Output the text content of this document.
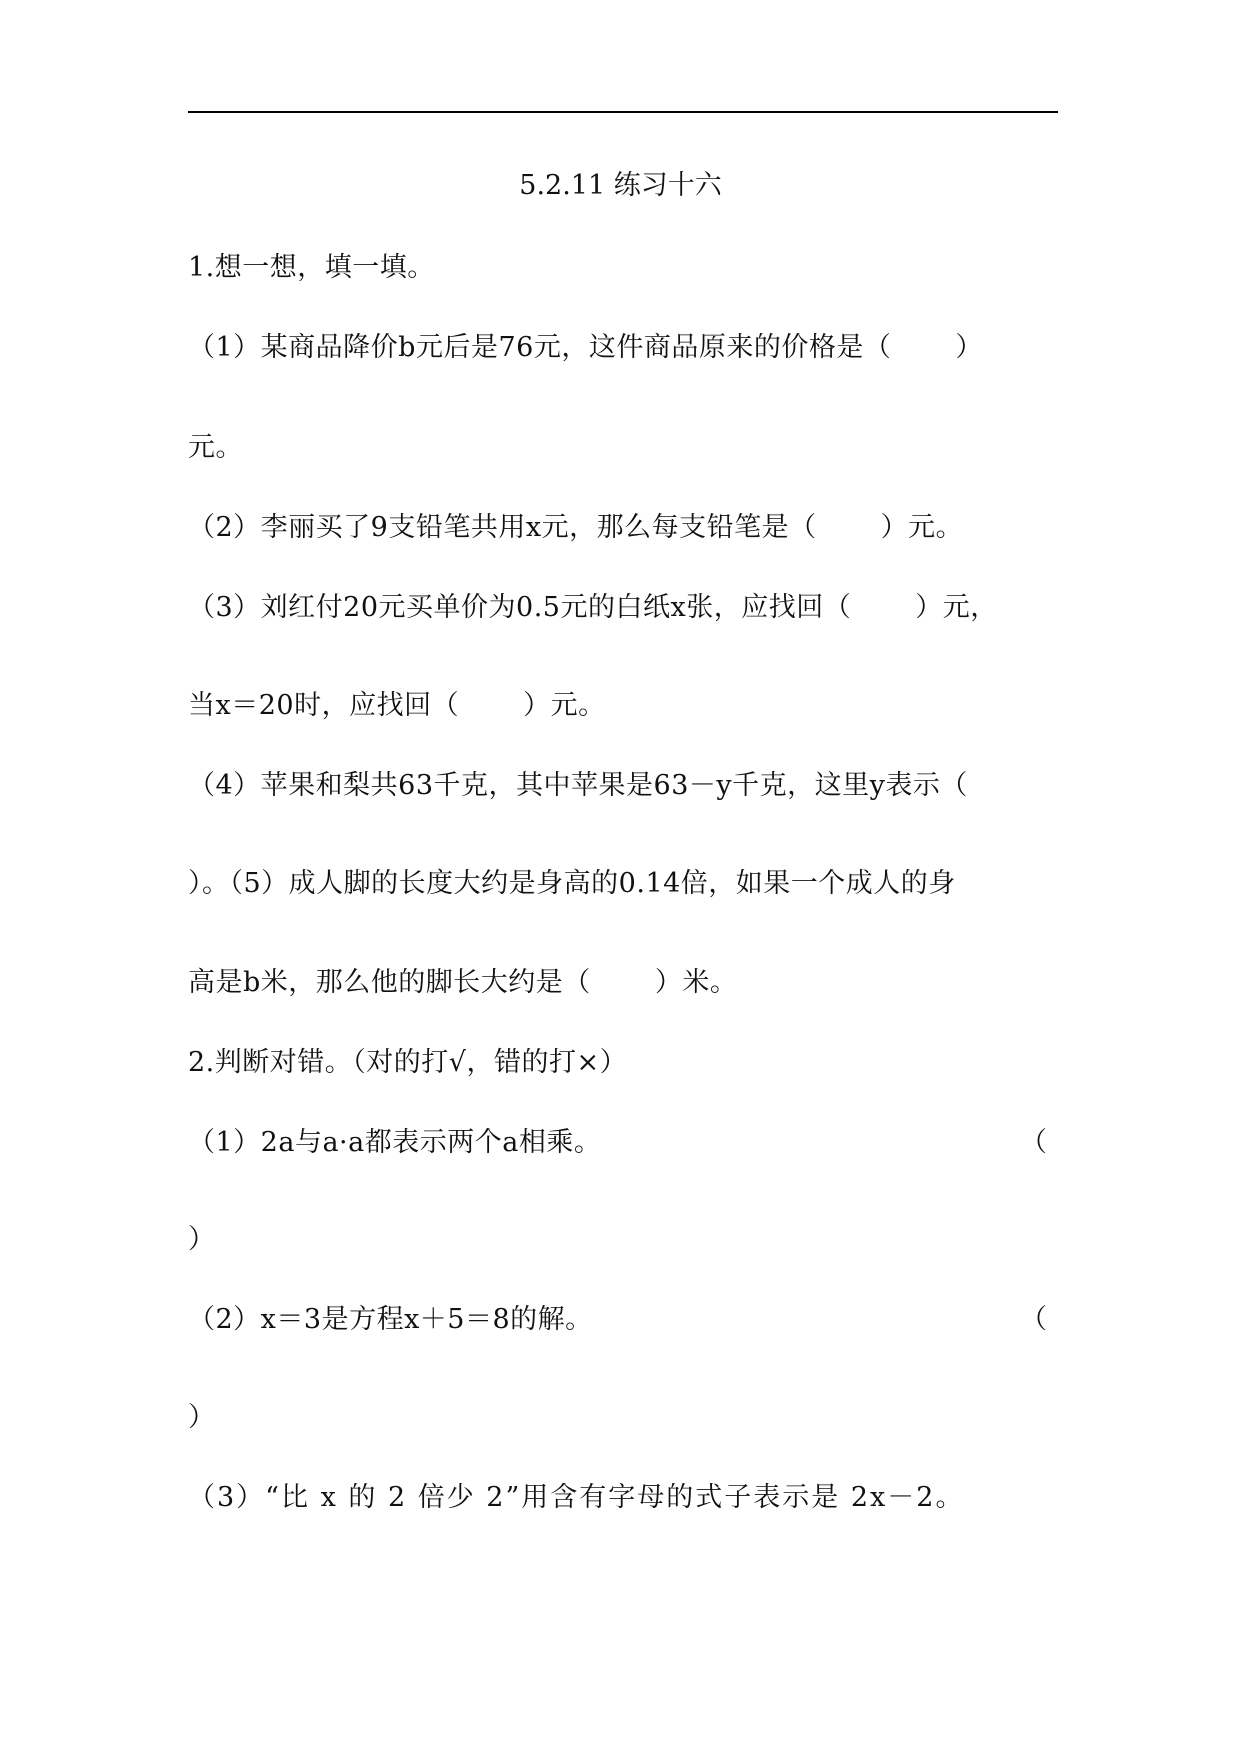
5.2.11 练习十六
1.想一想，填一填。
（1）某商品降价b元后是76元，这件商品原来的价格是（　　 ）
元。
（2）李丽买了9支铅笔共用x元，那么每支铅笔是（　　 ）元。
（3）刘红付20元买单价为0.5元的白纸x张，应找回（　　 ）元，
当x＝20时，应找回（　　 ）元。
（4）苹果和梨共63千克，其中苹果是63－y千克，这里y表示（
）。（5）成人脚的长度大约是身高的0.14倍，如果一个成人的身
高是b米，那么他的脚长大约是（　　 ）米。
2.判断对错。（对的打√，错的打×）
（1）2a与a·a都表示两个a相乘。	（
）
（2）x＝3是方程x＋5＝8的解。	（
）
（3）“比 x 的 2 倍少 2”用含有字母的式子表示是 2x－2。
